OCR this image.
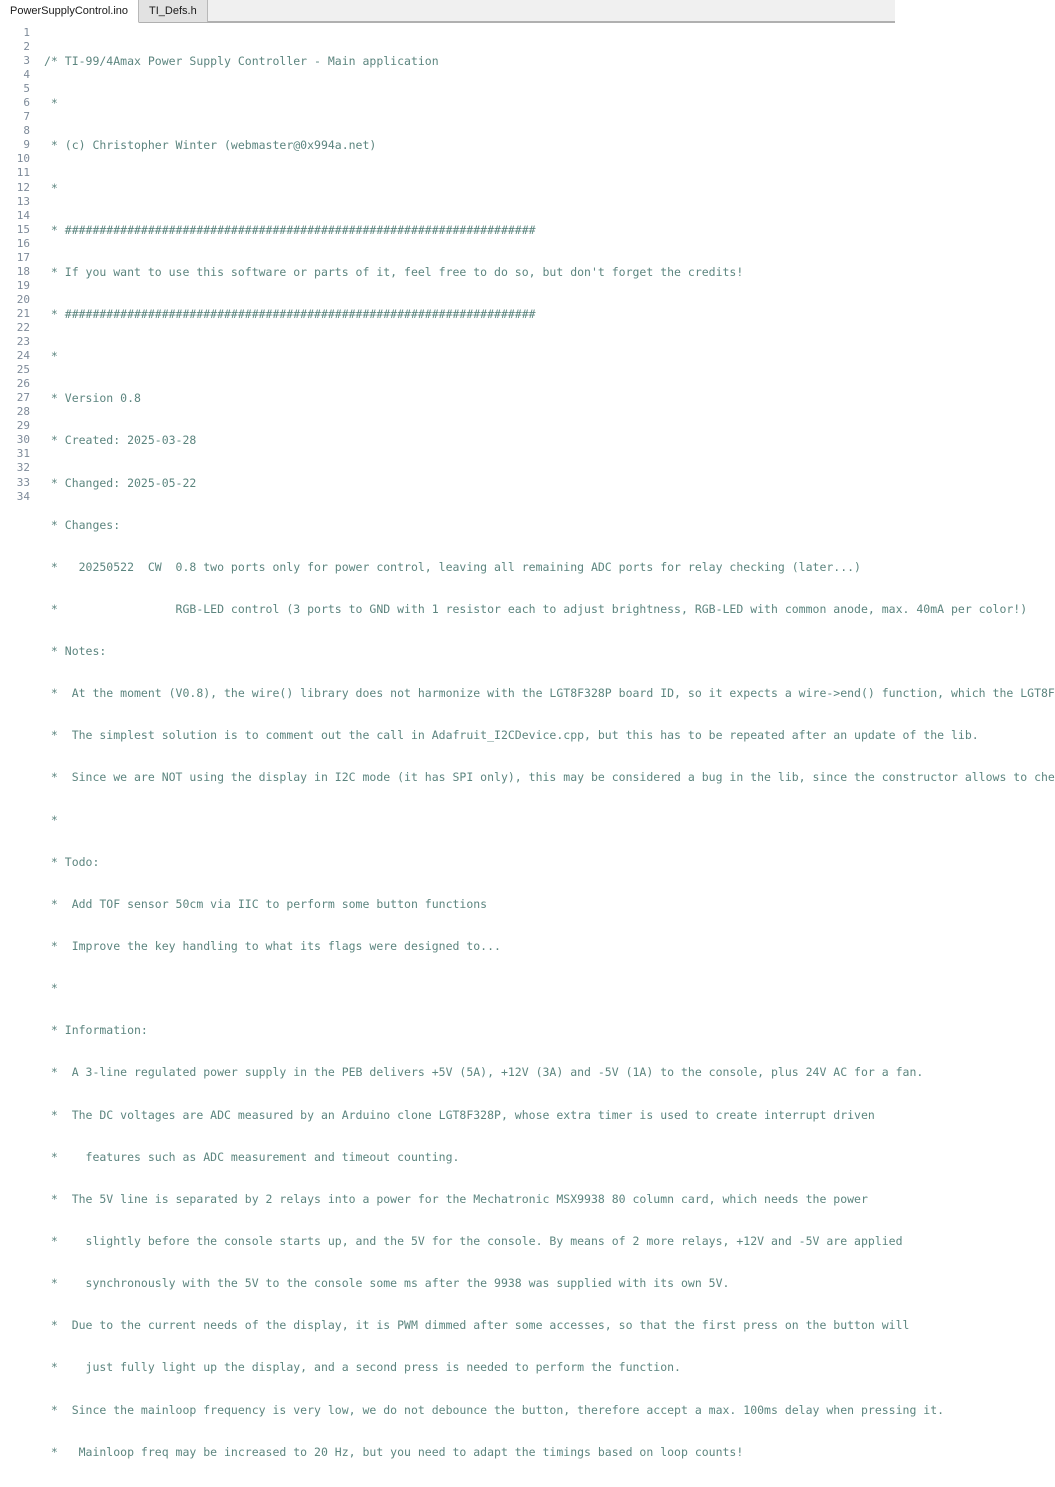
PowerSupplyControl.ino TI_Defs.h
1
2
3
4
5
6
7
8
9
10
11
12
13
14
15
16
17
18
19
20
21
22
23
24
25
26
27
28
29
30
31
32
33
34

/* TI-99/4Amax Power Supply Controller - Main application

*

* (c) Christopher Winter (webmaster@0x994a.net)

*

* ####################################################################

* If you want to use this software or parts of it, feel free to do so, but don't forget the credits!

* ####################################################################

*

* Version 0.8

* Created: 2025-03-28

* Changed: 2025-05-22

* Changes:

*   20250522  CW  0.8 two ports only for power control, leaving all remaining ADC ports for relay checking (later...)

*                 RGB-LED control (3 ports to GND with 1 resistor each to adjust brightness, RGB-LED with common anode, max. 40mA per color!)

* Notes:

*  At the moment (V0.8), the wire() library does not harmonize with the LGT8F328P board ID, so it expects a wire->end() function, which the LGT8F

*  The simplest solution is to comment out the call in Adafruit_I2CDevice.cpp, but this has to be repeated after an update of the lib.

*  Since we are NOT using the display in I2C mode (it has SPI only), this may be considered a bug in the lib, since the constructor allows to che

*

* Todo:

*  Add TOF sensor 50cm via IIC to perform some button functions

*  Improve the key handling to what its flags were designed to...

*

* Information:

*  A 3-line regulated power supply in the PEB delivers +5V (5A), +12V (3A) and -5V (1A) to the console, plus 24V AC for a fan.

*  The DC voltages are ADC measured by an Arduino clone LGT8F328P, whose extra timer is used to create interrupt driven

*    features such as ADC measurement and timeout counting.

*  The 5V line is separated by 2 relays into a power for the Mechatronic MSX9938 80 column card, which needs the power

*    slightly before the console starts up, and the 5V for the console. By means of 2 more relays, +12V and -5V are applied

*    synchronously with the 5V to the console some ms after the 9938 was supplied with its own 5V.

*  Due to the current needs of the display, it is PWM dimmed after some accesses, so that the first press on the button will

*    just fully light up the display, and a second press is needed to perform the function.

*  Since the mainloop frequency is very low, we do not debounce the button, therefore accept a max. 100ms delay when pressing it.

*   Mainloop freq may be increased to 20 Hz, but you need to adapt the timings based on loop counts!
